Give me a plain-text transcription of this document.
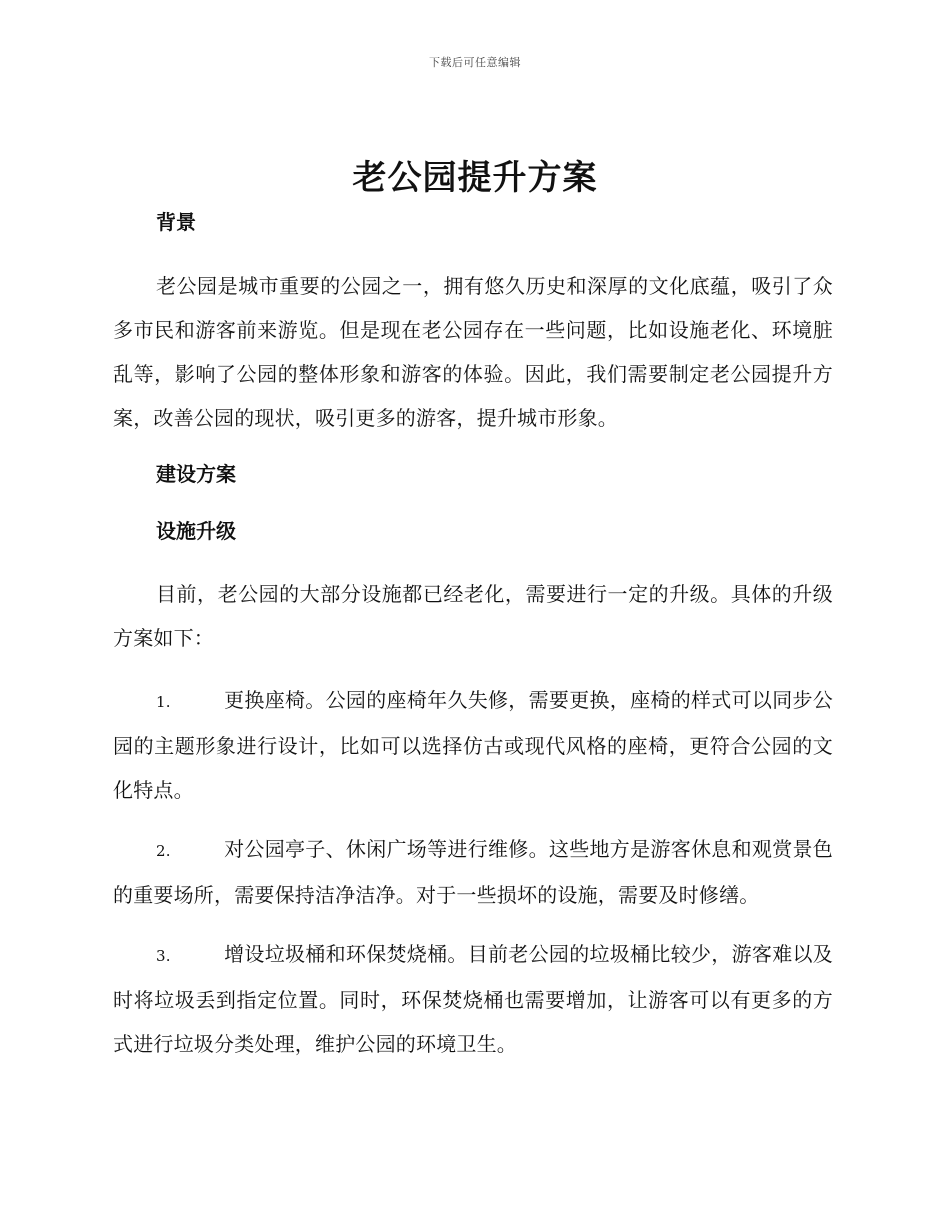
下载后可任意编辑
老公园提升方案

背景

老公园是城市重要的公园之一，拥有悠久历史和深厚的文化底蕴，吸引了众多市民和游客前来游览。但是现在老公园存在一些问题，比如设施老化、环境脏乱等，影响了公园的整体形象和游客的体验。因此，我们需要制定老公园提升方案，改善公园的现状，吸引更多的游客，提升城市形象。

建设方案

设施升级

目前，老公园的大部分设施都已经老化，需要进行一定的升级。具体的升级方案如下：

1.	更换座椅。公园的座椅年久失修，需要更换，座椅的样式可以同步公园的主题形象进行设计，比如可以选择仿古或现代风格的座椅，更符合公园的文化特点。

2.	对公园亭子、休闲广场等进行维修。这些地方是游客休息和观赏景色的重要场所，需要保持洁净洁净。对于一些损坏的设施，需要及时修缮。

3.	增设垃圾桶和环保焚烧桶。目前老公园的垃圾桶比较少，游客难以及时将垃圾丢到指定位置。同时，环保焚烧桶也需要增加，让游客可以有更多的方式进行垃圾分类处理，维护公园的环境卫生。
